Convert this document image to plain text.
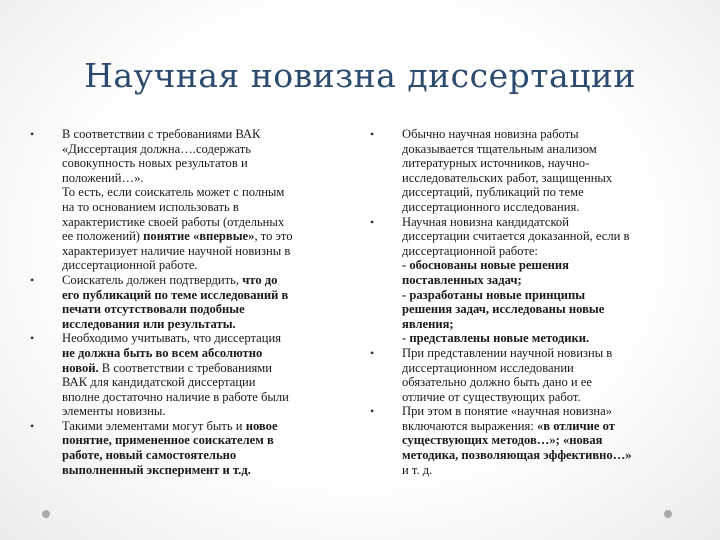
Научная новизна диссертации
• В соответствии с требованиями ВАК
«Диссертация должна….содержать
совокупность новых результатов и
положений…».
То есть, если соискатель может с полным
на то основанием использовать в
характеристике своей работы (отдельных
ее положений) понятие «впервые», то это
характеризует наличие научной новизны в
диссертационной работе.
• Соискатель должен подтвердить, что до
его публикаций по теме исследований в
печати отсутствовали подобные
исследования или результаты.
• Необходимо учитывать, что диссертация
не должна быть во всем абсолютно
новой. В соответствии с требованиями
ВАК для кандидатской диссертации
вполне достаточно наличие в работе были
элементы новизны.
• Такими элементами могут быть и новое
понятие, примененное соискателем в
работе, новый самостоятельно
выполненный эксперимент и т.д.
• Обычно научная новизна работы
доказывается тщательным анализом
литературных источников, научно-
исследовательских работ, защищенных
диссертаций, публикаций по теме
диссертационного исследования.
• Научная новизна кандидатской
диссертации считается доказанной, если в
диссертационной работе:
- обоснованы новые решения
поставленных задач;
- разработаны новые принципы
решения задач, исследованы новые
явления;
- представлены новые методики.
• При представлении научной новизны в
диссертационном исследовании
обязательно должно быть дано и ее
отличие от существующих работ.
• При этом в понятие «научная новизна»
включаются выражения: «в отличие от
существующих методов…»; «новая
методика, позволяющая эффективно…»
и т. д.
